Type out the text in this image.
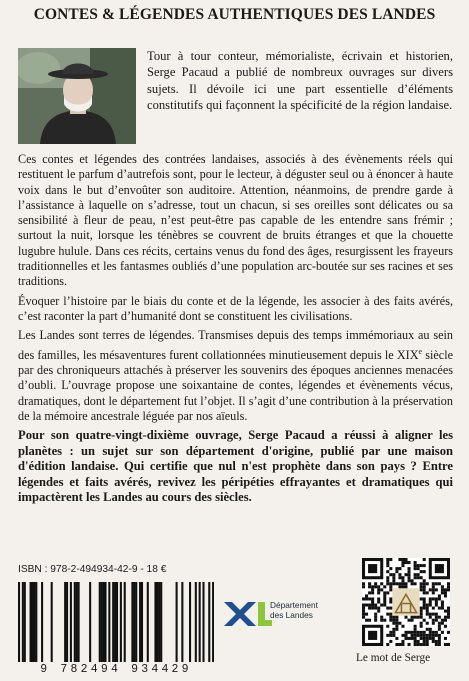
CONTES & LÉGENDES AUTHENTIQUES DES LANDES
Tour à tour conteur, mémorialiste, écrivain et historien, Serge Pacaud a publié de nombreux ouvrages sur divers sujets. Il dévoile ici une part essentielle d’éléments constitutifs qui façonnent la spécificité de la région landaise.

Ces contes et légendes des contrées landaises, associés à des évènements réels qui restituent le parfum d’autrefois sont, pour le lecteur, à déguster seul ou à énoncer à haute voix dans le but d’envoûter son auditoire. Attention, néanmoins, de prendre garde à l’assistance à laquelle on s’adresse, tout un chacun, si ses oreilles sont délicates ou sa sensibilité à fleur de peau, n’est peut-être pas capable de les entendre sans frémir ; surtout la nuit, lorsque les ténèbres se couvrent de bruits étranges et que la chouette lugubre hulule. Dans ces récits, certains venus du fond des âges, resurgissent les frayeurs traditionnelles et les fantasmes oubliés d’une population arc-boutée sur ses racines et ses traditions.

Évoquer l’histoire par le biais du conte et de la légende, les associer à des faits avérés, c’est raconter la part d’humanité dont se constituent les civilisations.

Les Landes sont terres de légendes. Transmises depuis des temps immémoriaux au sein des familles, les mésaventures furent collationnées minutieusement depuis le XIXe siècle par des chroniqueurs attachés à préserver les souvenirs des époques anciennes menacées d’oubli. L’ouvrage propose une soixantaine de contes, légendes et évènements vécus, dramatiques, dont le département fut l’objet. Il s’agit d’une contribution à la préservation de la mémoire ancestrale léguée par nos aïeuls.

Pour son quatre-vingt-dixième ouvrage, Serge Pacaud a réussi à aligner les planètes : un sujet sur son département d'origine, publié par une maison d'édition landaise. Qui certifie que nul n'est prophète dans son pays ? Entre légendes et faits avérés, revivez les péripéties effrayantes et dramatiques qui impactèrent les Landes au cours des siècles.

ISBN : 978-2-494934-42-9 - 18 €
9 782494 934429
Département
des Landes
Le mot de Serge
